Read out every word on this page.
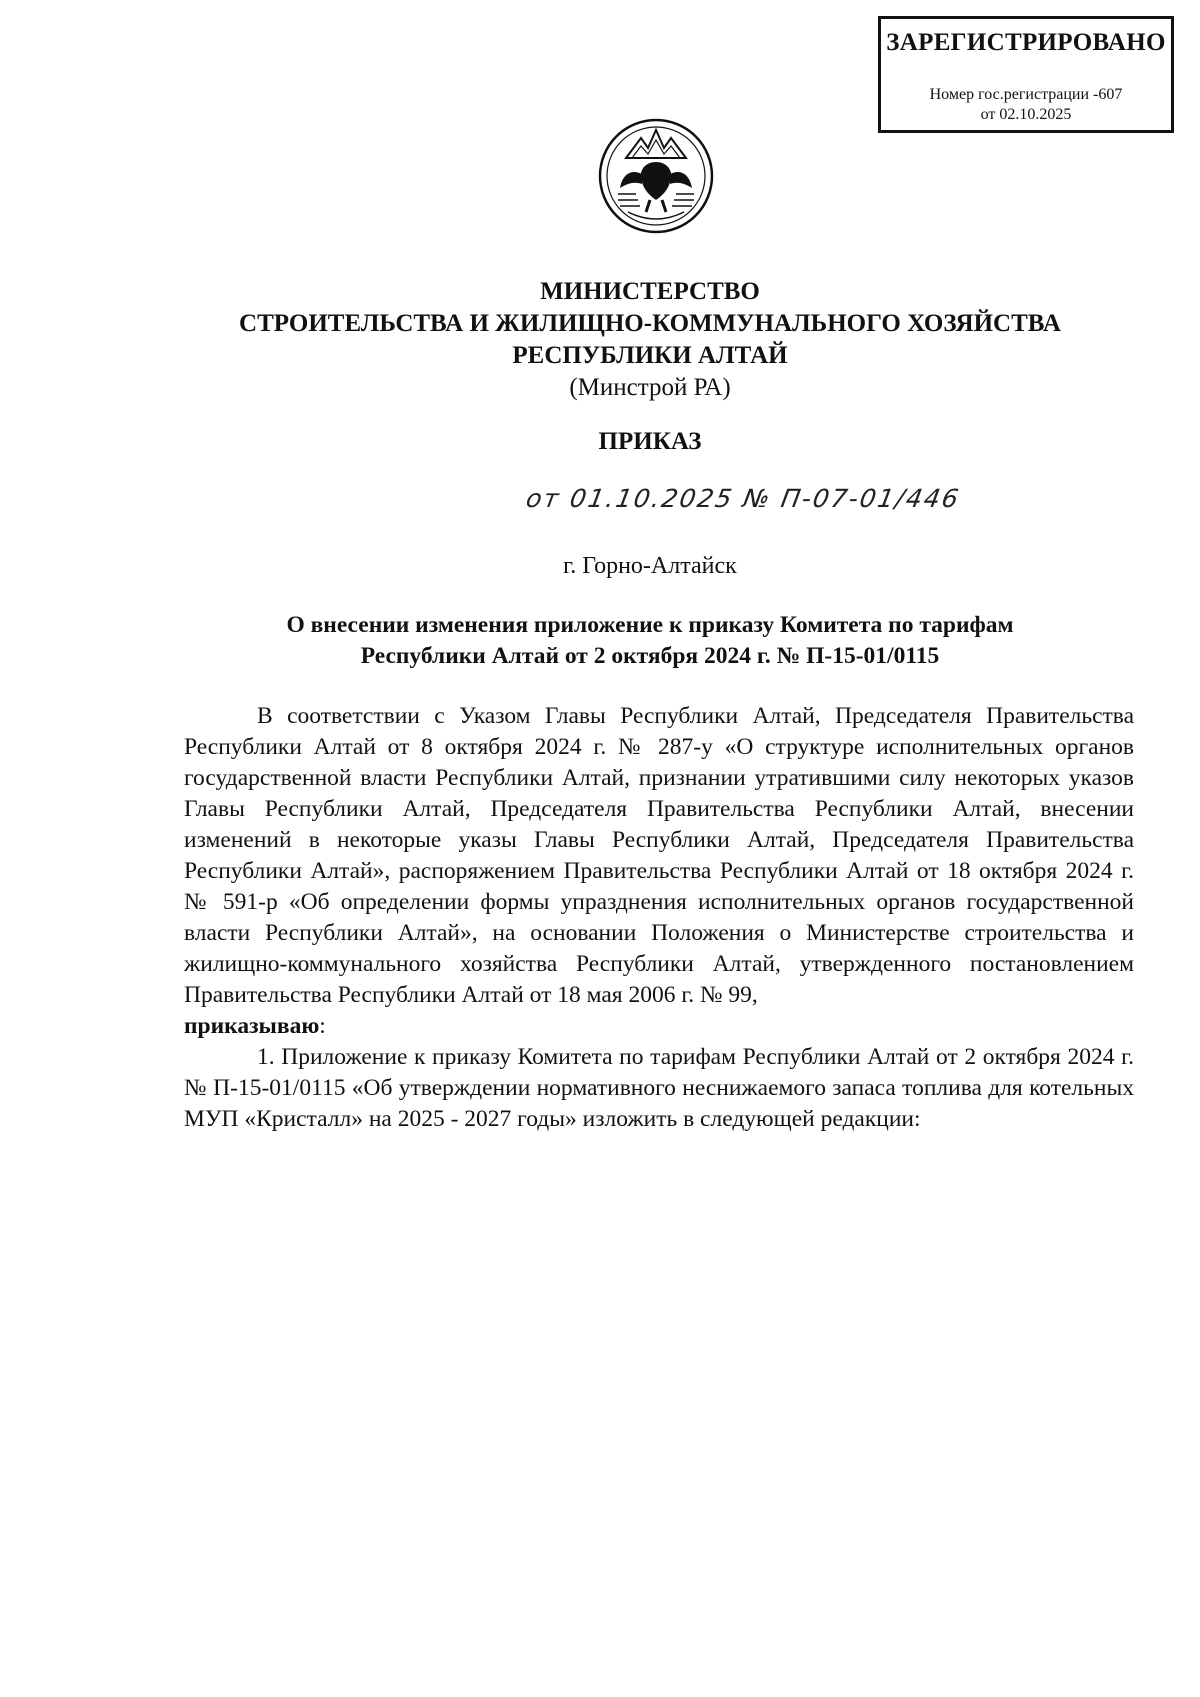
ЗАРЕГИСТРИРОВАНО
Номер гос.регистрации -607
от 02.10.2025
МИНИСТЕРСТВО
СТРОИТЕЛЬСТВА И ЖИЛИЩНО-КОММУНАЛЬНОГО ХОЗЯЙСТВА
РЕСПУБЛИКИ АЛТАЙ
(Минстрой РА)
ПРИКАЗ
от 01.10.2025 № П-07-01/446
г. Горно-Алтайск
О внесении изменения приложение к приказу Комитета по тарифам
Республики Алтай от 2 октября 2024 г. № П-15-01/0115

В соответствии с Указом Главы Республики Алтай, Председателя Правительства Республики Алтай от 8 октября 2024 г. № 287-у «О структуре исполнительных органов государственной власти Республики Алтай, признании утратившими силу некоторых указов Главы Республики Алтай, Председателя Правительства Республики Алтай, внесении изменений в некоторые указы Главы Республики Алтай, Председателя Правительства Республики Алтай», распоряжением Правительства Республики Алтай от 18 октября 2024 г. № 591-р «Об определении формы упразднения исполнительных органов государственной власти Республики Алтай», на основании Положения о Министерстве строительства и жилищно-коммунального хозяйства Республики Алтай, утвержденного постановлением Правительства Республики Алтай от 18 мая 2006 г. № 99,
приказываю:

1. Приложение к приказу Комитета по тарифам Республики Алтай от 2 октября 2024 г. № П-15-01/0115 «Об утверждении нормативного неснижаемого запаса топлива для котельных МУП «Кристалл» на 2025 - 2027 годы» изложить в следующей редакции:
